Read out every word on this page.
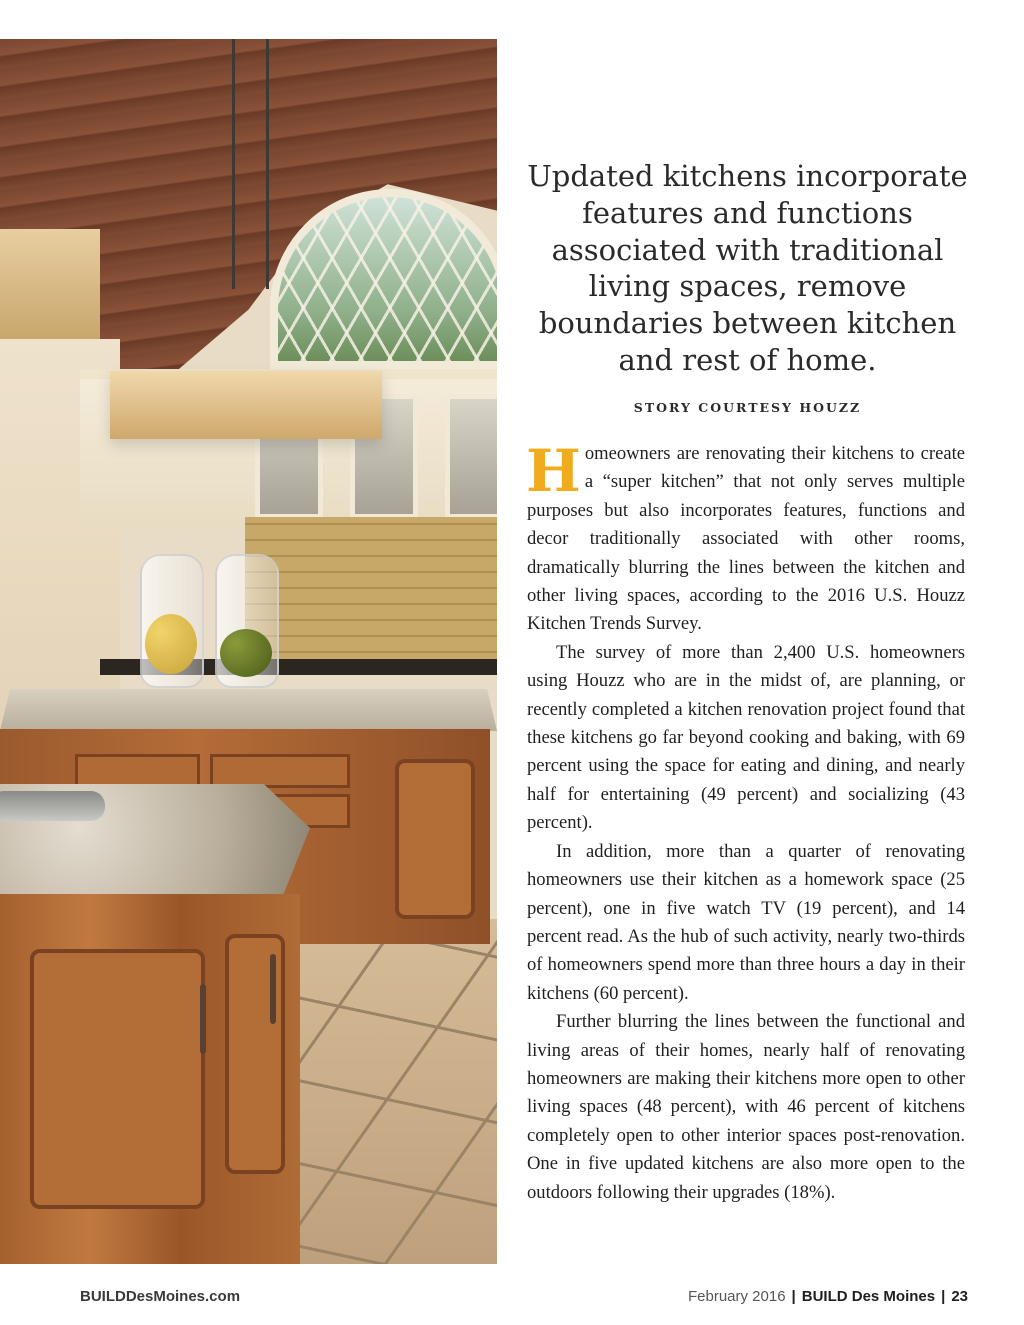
Updated kitchens incorporate features and functions associated with traditional living spaces, remove boundaries between kitchen and rest of home.
STORY COURTESY HOUZZ

Homeowners are renovating their kitchens to create a “super kitchen” that not only serves multiple purposes but also incorporates features, functions and decor traditionally associated with other rooms, dramatically blurring the lines between the kitchen and other living spaces, according to the 2016 U.S. Houzz Kitchen Trends Survey.

The survey of more than 2,400 U.S. homeowners using Houzz who are in the midst of, are planning, or recently completed a kitchen renovation project found that these kitchens go far beyond cooking and baking, with 69 percent using the space for eating and dining, and nearly half for entertaining (49 percent) and socializing (43 percent).

In addition, more than a quarter of renovating homeowners use their kitchen as a homework space (25 percent), one in five watch TV (19 percent), and 14 percent read. As the hub of such activity, nearly two-thirds of homeowners spend more than three hours a day in their kitchens (60 percent).

Further blurring the lines between the functional and living areas of their homes, nearly half of renovating homeowners are making their kitchens more open to other living spaces (48 percent), with 46 percent of kitchens completely open to other interior spaces post-renovation. One in five updated kitchens are also more open to the outdoors following their upgrades (18%).

BUILDDesMoines.com	February 2016 | BUILD Des Moines | 23
